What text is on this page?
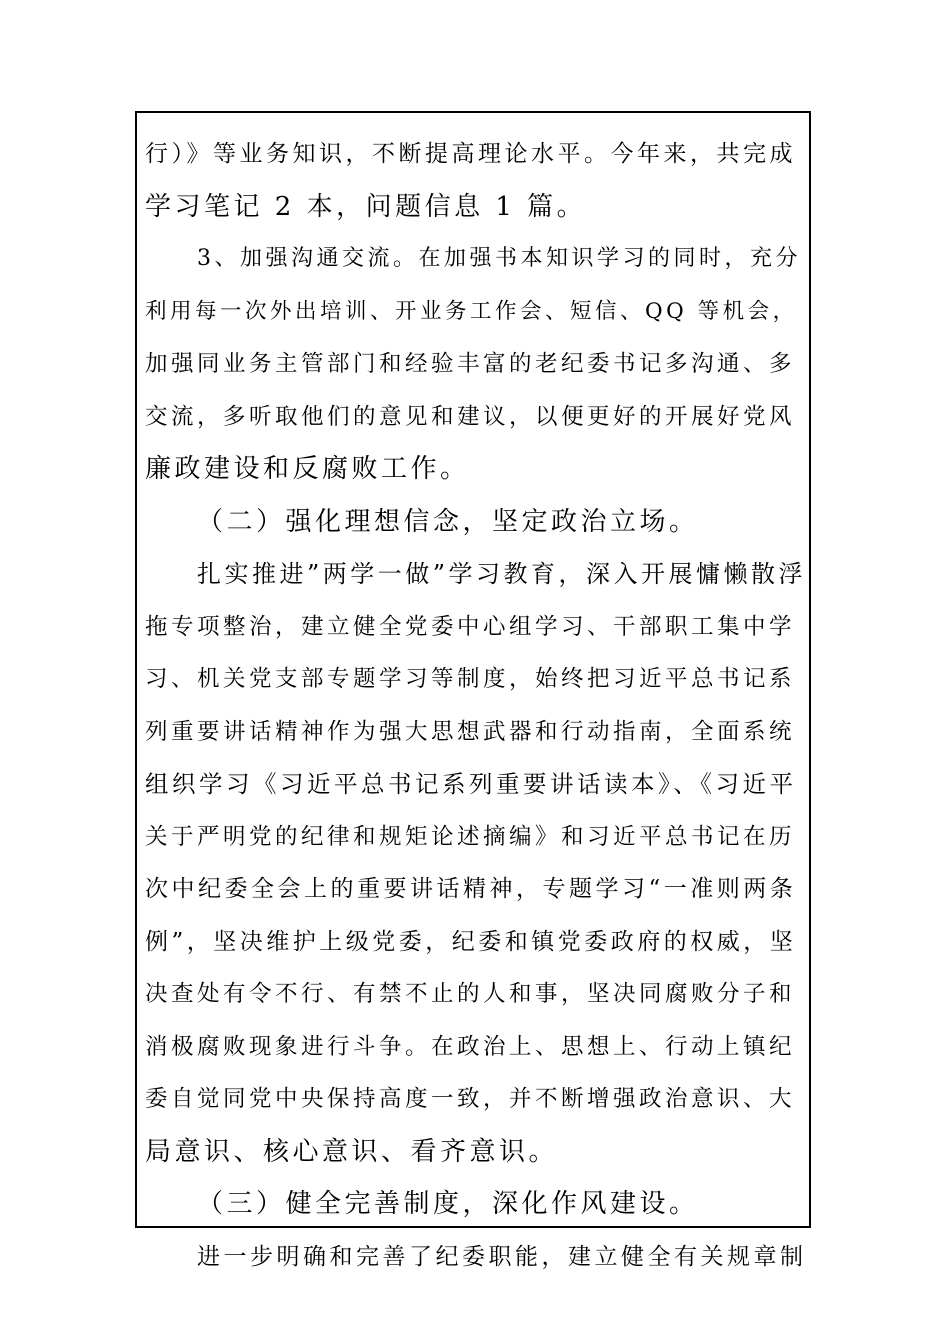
行）》等业务知识，不断提高理论水平。今年来，共完成
学习笔记 2 本，问题信息 1 篇。
3、加强沟通交流。在加强书本知识学习的同时，充分
利用每一次外出培训、开业务工作会、短信、QQ 等机会，
加强同业务主管部门和经验丰富的老纪委书记多沟通、多
交流，多听取他们的意见和建议，以便更好的开展好党风
廉政建设和反腐败工作。
（二）强化理想信念，坚定政治立场。
扎实推进”两学一做”学习教育，深入开展慵懒散浮
拖专项整治，建立健全党委中心组学习、干部职工集中学
习、机关党支部专题学习等制度，始终把习近平总书记系
列重要讲话精神作为强大思想武器和行动指南，全面系统
组织学习《习近平总书记系列重要讲话读本》、《习近平
关于严明党的纪律和规矩论述摘编》和习近平总书记在历
次中纪委全会上的重要讲话精神，专题学习“一准则两条
例”，坚决维护上级党委，纪委和镇党委政府的权威，坚
决查处有令不行、有禁不止的人和事，坚决同腐败分子和
消极腐败现象进行斗争。在政治上、思想上、行动上镇纪
委自觉同党中央保持高度一致，并不断增强政治意识、大
局意识、核心意识、看齐意识。
（三）健全完善制度，深化作风建设。
进一步明确和完善了纪委职能，建立健全有关规章制
